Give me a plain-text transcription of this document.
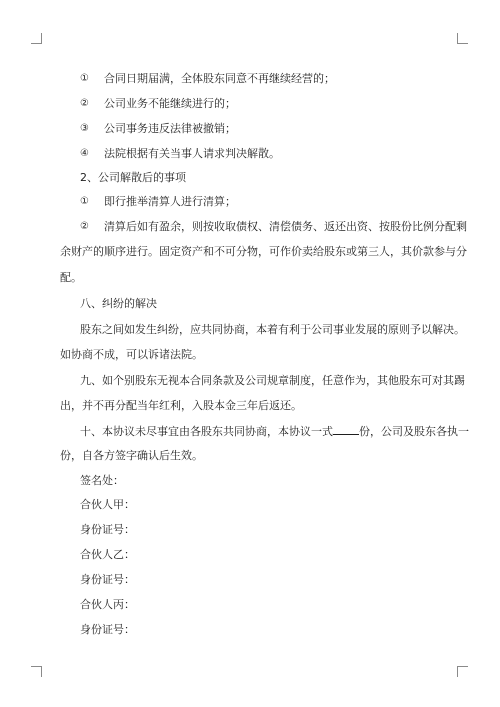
① 合同日期届满，全体股东同意不再继续经营的；
② 公司业务不能继续进行的；
③ 公司事务违反法律被撤销；
④ 法院根据有关当事人请求判决解散。
2、公司解散后的事项
① 即行推举清算人进行清算；
② 清算后如有盈余，则按收取债权、清偿债务、返还出资、按股份比例分配剩
余财产的顺序进行。固定资产和不可分物，可作价卖给股东或第三人，其价款参与分
配。
八、纠纷的解决
股东之间如发生纠纷，应共同协商，本着有利于公司事业发展的原则予以解决。
如协商不成，可以诉诸法院。
九、如个别股东无视本合同条款及公司规章制度，任意作为，其他股东可对其踢
出，并不再分配当年红利，入股本金三年后返还。
十、本协议未尽事宜由各股东共同协商，本协议一式 份，公司及股东各执一
份，自各方签字确认后生效。
签名处：
合伙人甲：
身份证号：
合伙人乙：
身份证号：
合伙人丙：
身份证号：
